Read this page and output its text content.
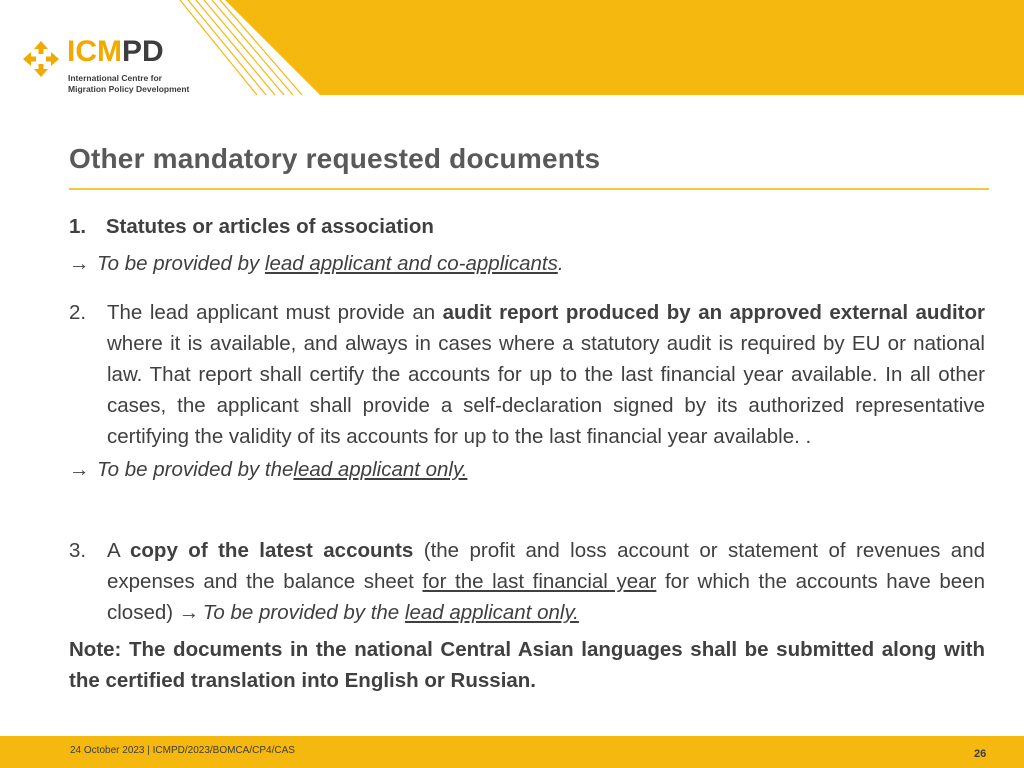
ICMPD
International Centre for
Migration Policy Development
Other mandatory requested documents
1. Statutes or articles of association
→ To be provided by
lead applicant and co-applicants .
2. The lead applicant must provide an audit report produced by an approved external auditor where it is available, and always in cases where a statutory audit is required by EU or national law. That report shall certify the accounts for up to the last financial year available. In all other cases, the applicant shall provide a self-declaration signed by its authorized representative certifying the validity of its accounts for up to the last financial year available. .
→ To be provided by the lead applicant only.
3. A copy of the latest accounts (the profit and loss account or statement of revenues and expenses and the balance sheet for the last financial year for which the accounts have been closed) → To be provided by the lead applicant only.
Note: The documents in the national Central Asian languages shall be submitted along with the certified translation into English or Russian.
24 October 2023 | ICMPD/2023/BOMCA/CP4/CAS	26
